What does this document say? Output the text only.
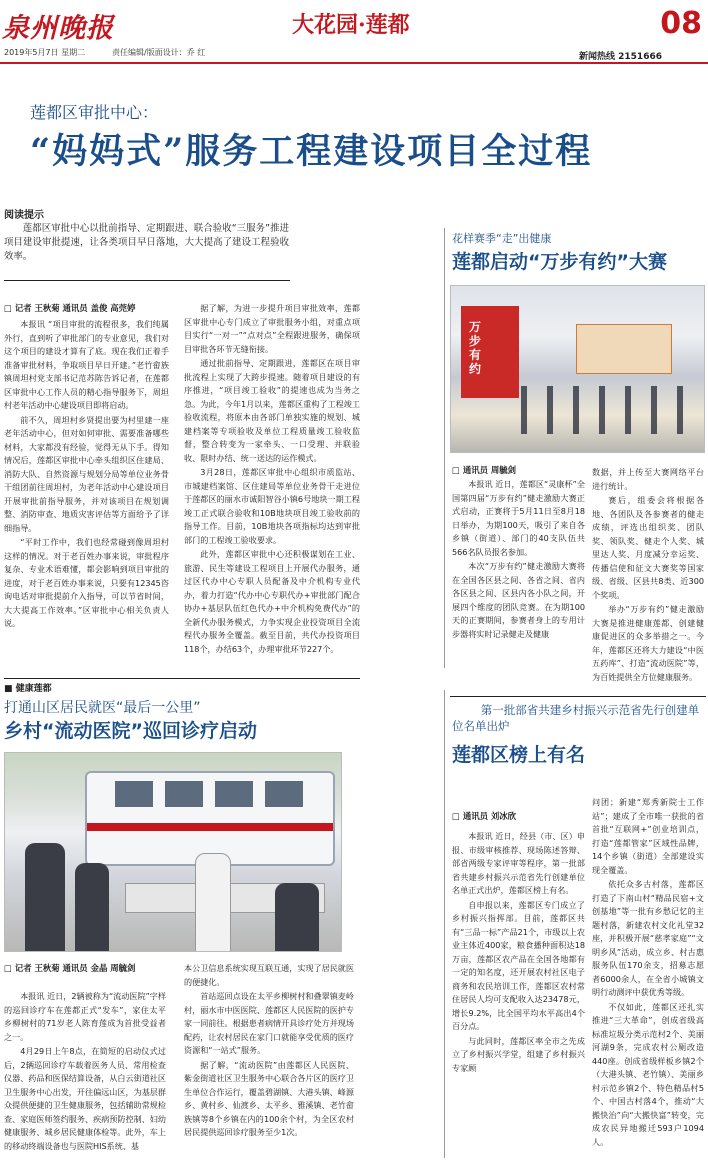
泉州晚报	大花园·莲都	08
2019年5月7日 星期二	责任编辑/版面设计：乔 红	新闻热线 2151666
莲都区审批中心：
“妈妈式”服务工程建设项目全过程
阅读提示
莲都区审批中心以批前指导、定期跟进、联合验收“三服务”推进项目建设审批提速，让各类项目早日落地，大大提高了建设工程验收效率。
□ 记者 王秋菊 通讯员 盖俊 高莞婷

本报讯 “项目审批的流程很多，我们纯属外行，直到听了审批部门的专业意见，我们对这个项目的建设才算有了底。现在我们正着手准备审批材料，争取项目早日开建。”老竹畲族镇周坦村党支部书记范苏陈告诉记者，在莲都区审批中心工作人员的精心指导服务下，周坦村老年活动中心建设项目即将启动。

前不久，周坦村乡贤提出要为村里建一座老年活动中心，但对如何审批、需要准备哪些材料，大家都没有经验，觉得无从下手。得知情况后，莲都区审批中心牵头组织区住建局、消防大队、自然资源与规划分局等单位业务骨干组团前往周坦村，为老年活动中心建设项目开展审批前指导服务，并对该项目在规划调整、消防审查、地质灾害评估等方面给予了详细指导。

“平时工作中，我们也经常碰到像周坦村这样的情况。对于老百姓办事来说，审批程序复杂、专业术语难懂，都会影响到项目审批的进度，对于老百姓办事来说，只要有12345咨询电话对审批提前介入指导，可以节省时间，大大提高工作效率。”区审批中心相关负责人说。

据了解，为进一步提升项目审批效率，莲都区审批中心专门成立了审批服务小组，对重点项目实行“一对一”“点对点”全程跟进服务，确保项目审批各环节无缝衔接。

通过批前指导、定期跟进，莲都区在项目审批流程上实现了大跨步提速。随着项目建设的有序推进，“项目竣工验收”的提速也成为当务之急。为此，今年1月以来，莲都区重构了工程竣工验收流程，将原本由各部门单独实施的规划、城建档案等专项验收及单位工程质量竣工验收监督，整合转变为一家牵头、一口受理、并联验收、限时办结、统一送达的运作模式。

3月28日，莲都区审批中心组织市质监站、市城建档案馆、区住建局等单位业务骨干走进位于莲都区的丽水市诚阳智谷小镇6号地块一期工程竣工正式联合验收和10B地块项目竣工验收前的指导工作。目前，10B地块各项指标均达到审批部门的工程竣工验收要求。

此外，莲都区审批中心还积极谋划在工业、旅游、民生等建设工程项目上开展代办服务，通过区代办中心专职人员配备及中介机构专业代办，着力打造“代办中心专职代办+审批部门配合协办+基层队伍红色代办+中介机构免费代办”的全新代办服务模式，力争实现企业投资项目全流程代办服务全覆盖。截至目前，共代办投资项目118个，办结63个，办理审批环节227个。

花样赛季“走”出健康
莲都启动“万步有约”大赛
万步有约
□ 通讯员 周毓剑

本报讯 近日，莲都区“灵康杯”全国第四届“万步有约”健走激励大赛正式启动，正赛将于5月11日至8月18日举办，为期100天，吸引了来自各乡镇（街道）、部门的40支队伍共566名队员报名参加。

本次“万步有约”健走激励大赛将在全国各区县之间、各省之间、省内各区县之间、区县内各小队之间，开展四个维度的团队竞赛。在为期100天的正赛期间，参赛者身上的专用计步器将实时记录健走及健康

数据，并上传至大赛网络平台进行统计。

赛后，组委会将根据各地、各团队及各参赛者的健走成绩，评选出组织奖、团队奖、领队奖、健走个人奖、城里达人奖、月度减分幸运奖、传播信使和征文大赛奖等国家级、省级、区县共8类、近300个奖项。

举办“万步有约”健走激励大赛是推进健康莲都、创建健康促进区的众多举措之一。今年，莲都区还将大力建设“中医五药库”、打造“流动医院”等，为百姓提供全方位健康服务。

■ 健康莲都
打通山区居民就医“最后一公里”
乡村“流动医院”巡回诊疗启动
□ 记者 王秋菊 通讯员 金晶 周毓剑

本报讯 近日，2辆被称为“流动医院”字样的巡回诊疗车在莲都正式“发车”，家住太平乡柳树村的71岁老人陈育莲成为首批受益者之一。

4月29日上午8点，在简短的启动仪式过后，2辆巡回诊疗车载着医务人员、常用检查仪器、药品和医保结算设备，从白云街道社区卫生服务中心出发，开往偏远山区，为基层群众提供便捷的卫生健康服务，包括辅助常规检查、家庭医师签约服务、疾病预防控制、妇幼健康服务、城乡居民健康体检等。此外，车上的移动终端设备也与医院HIS系统、基

本公卫信息系统实现互联互通，实现了居民就医的便捷化。

首站巡回点设在太平乡柳树村和叠翠镇麦岭村，丽水市中医医院、莲都区人民医院的医护专家一同前往。根据患者病情开具诊疗处方并现场配药，让农村居民在家门口就能享受优质的医疗资源和“一站式”服务。

据了解，“流动医院”由莲都区人民医院、紫金街道社区卫生服务中心联合各片区的医疗卫生单位合作运行，覆盖碧湖镇、大港头镇、峰源乡、黄村乡、仙渡乡、太平乡、雅溪镇、老竹畲族镇等8个乡镇在内的100余个村，为全区农村居民提供巡回诊疗服务至少1次。

第一批部省共建乡村振兴示范省先行创建单位名单出炉
莲都区榜上有名
□ 通讯员 刘冰欣

本报讯 近日，经县（市、区）申报、市级审核推荐、现场陈述答辩、部省两级专家评审等程序，第一批部省共建乡村振兴示范省先行创建单位名单正式出炉，莲都区榜上有名。

自申报以来，莲都区专门成立了乡村振兴指挥部。目前，莲都区共有“三品一标”产品21个，市级以上农业主体近400家，粮食播种面积达18万亩，莲都区农产品在全国各地都有一定的知名度，还开展农村社区电子商务和农民培训工作，莲都区农村常住居民人均可支配收入达23478元，增长9.2%，比全国平均水平高出4个百分点。

与此同时，莲都区率全市之先成立了乡村振兴学堂，组建了乡村振兴专家顾

问团；新建“郑秀新院士工作站”；建成了全市唯一获批的省首批“互联网+”创业培训点，打造“莲都管家”区域性品牌，14个乡镇（街道）全部建设实现全覆盖。

依托众多古村落，莲都区打造了下南山村“精品民宿+文创基地”等一批有乡愁记忆的主题村落，新建农村文化礼堂32座，并积极开展“慈孝家庭”“文明乡风”活动，成立乡、村古惠服务队伍170余支，招募志愿者6000余人，在全省小城镇文明行动测评中获优秀等级。

不仅如此，莲都区还扎实推进“三大革命”，创成省级高标准垃圾分类示范村2个、美丽河湖9条，完成农村公厕改造440座。创成省级样板乡镇2个（大港头镇、老竹镇）、美丽乡村示范乡镇2个、特色精品村5个、中国古村落4个，推动“大搬快治”向“大搬快富”转变，完成农民异地搬迁593户1094人。
